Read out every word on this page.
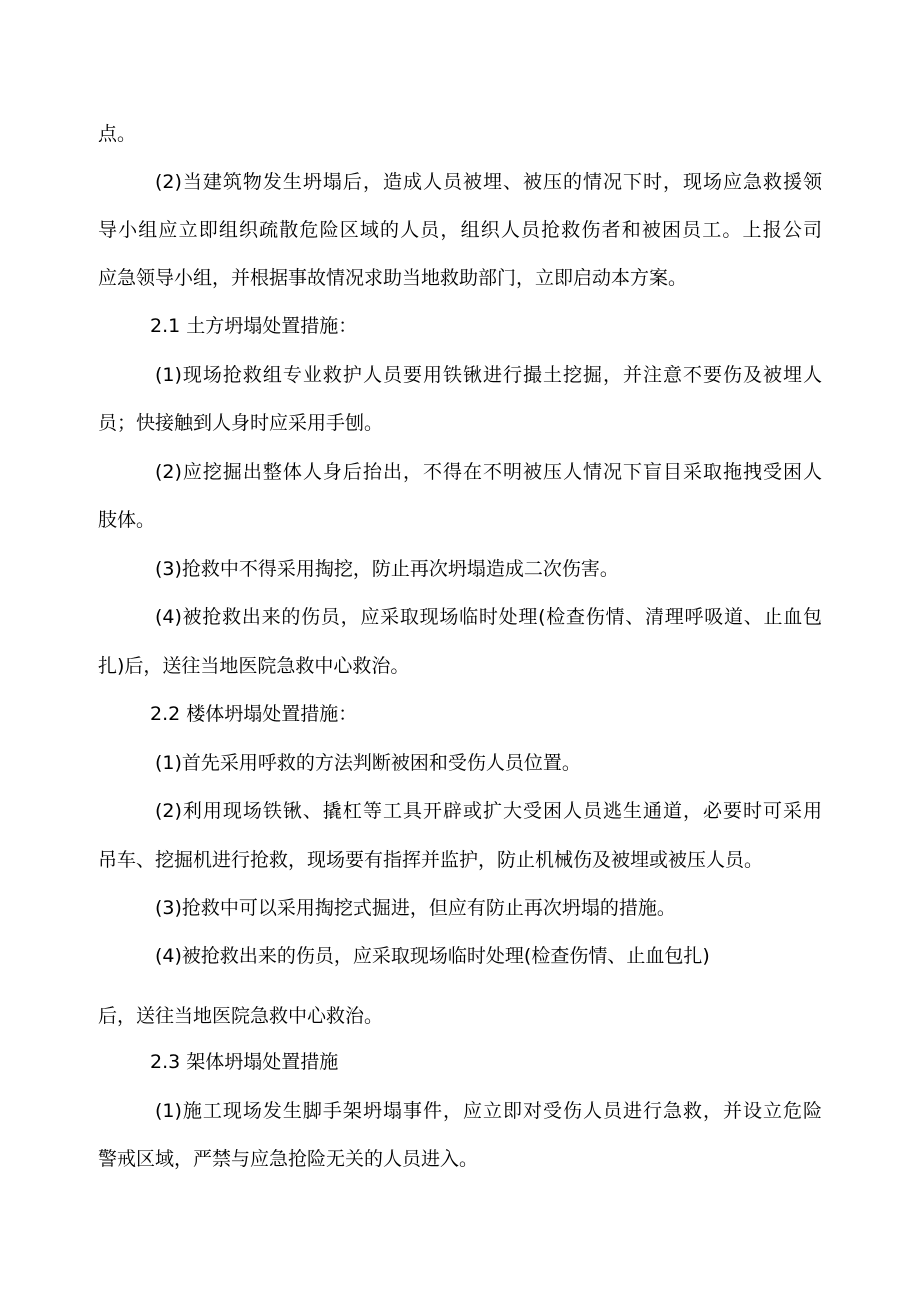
点。
(2)当建筑物发生坍塌后，造成人员被埋、被压的情况下时，现场应急救援领
导小组应立即组织疏散危险区域的人员，组织人员抢救伤者和被困员工。上报公司
应急领导小组，并根据事故情况求助当地救助部门，立即启动本方案。
2.1 土方坍塌处置措施：
(1)现场抢救组专业救护人员要用铁锹进行撮土挖掘，并注意不要伤及被埋人
员；快接触到人身时应采用手刨。
(2)应挖掘出整体人身后抬出，不得在不明被压人情况下盲目采取拖拽受困人
肢体。
(3)抢救中不得采用掏挖，防止再次坍塌造成二次伤害。
(4)被抢救出来的伤员，应采取现场临时处理(检查伤情、清理呼吸道、止血包
扎)后，送往当地医院急救中心救治。
2.2 楼体坍塌处置措施：
(1)首先采用呼救的方法判断被困和受伤人员位置。
(2)利用现场铁锹、撬杠等工具开辟或扩大受困人员逃生通道，必要时可采用
吊车、挖掘机进行抢救，现场要有指挥并监护，防止机械伤及被埋或被压人员。
(3)抢救中可以采用掏挖式掘进，但应有防止再次坍塌的措施。
(4)被抢救出来的伤员，应采取现场临时处理(检查伤情、止血包扎)
后，送往当地医院急救中心救治。
2.3 架体坍塌处置措施
(1)施工现场发生脚手架坍塌事件，应立即对受伤人员进行急救，并设立危险
警戒区域，严禁与应急抢险无关的人员进入。
